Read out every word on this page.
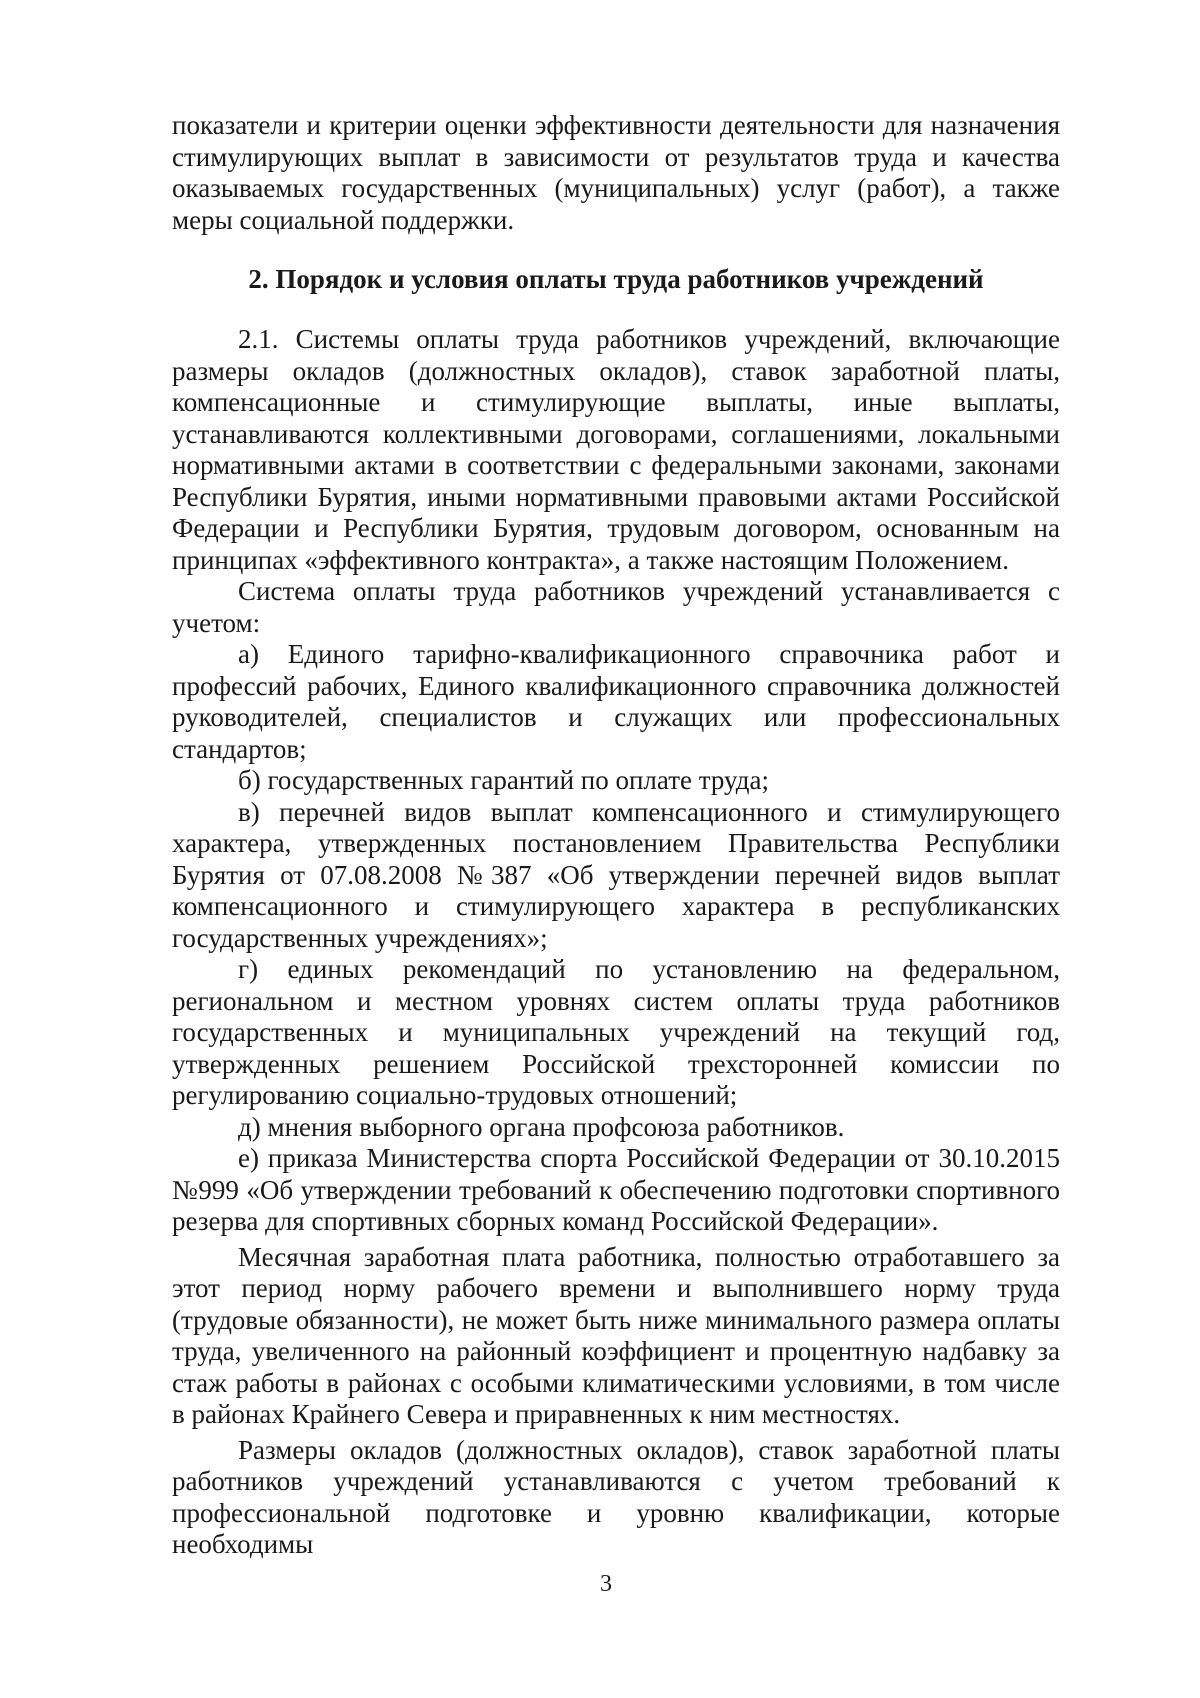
показатели и критерии оценки эффективности деятельности для назначения стимулирующих выплат в зависимости от результатов труда и качества оказываемых государственных (муниципальных) услуг (работ), а также меры социальной поддержки.

2. Порядок и условия оплаты труда работников учреждений

2.1. Системы оплаты труда работников учреждений, включающие размеры окладов (должностных окладов), ставок заработной платы, компенсационные и стимулирующие выплаты, иные выплаты, устанавливаются коллективными договорами, соглашениями, локальными нормативными актами в соответствии с федеральными законами, законами Республики Бурятия, иными нормативными правовыми актами Российской Федерации и Республики Бурятия, трудовым договором, основанным на принципах «эффективного контракта», а также настоящим Положением.

Система оплаты труда работников учреждений устанавливается с учетом:

а) Единого тарифно-квалификационного справочника работ и профессий рабочих, Единого квалификационного справочника должностей руководителей, специалистов и служащих или профессиональных стандартов;

б) государственных гарантий по оплате труда;

в) перечней видов выплат компенсационного и стимулирующего характера, утвержденных постановлением Правительства Республики Бурятия от 07.08.2008 №387 «Об утверждении перечней видов выплат компенсационного и стимулирующего характера в республиканских государственных учреждениях»;

г) единых рекомендаций по установлению на федеральном, региональном и местном уровнях систем оплаты труда работников государственных и муниципальных учреждений на текущий год, утвержденных решением Российской трехсторонней комиссии по регулированию социально-трудовых отношений;

д) мнения выборного органа профсоюза работников.

е) приказа Министерства спорта Российской Федерации от 30.10.2015 №999 «Об утверждении требований к обеспечению подготовки спортивного резерва для спортивных сборных команд Российской Федерации».

Месячная заработная плата работника, полностью отработавшего за этот период норму рабочего времени и выполнившего норму труда (трудовые обязанности), не может быть ниже минимального размера оплаты труда, увеличенного на районный коэффициент и процентную надбавку за стаж работы в районах с особыми климатическими условиями, в том числе в районах Крайнего Севера и приравненных к ним местностях.

Размеры окладов (должностных окладов), ставок заработной платы работников учреждений устанавливаются с учетом требований к профессиональной подготовке и уровню квалификации, которые необходимы

3
